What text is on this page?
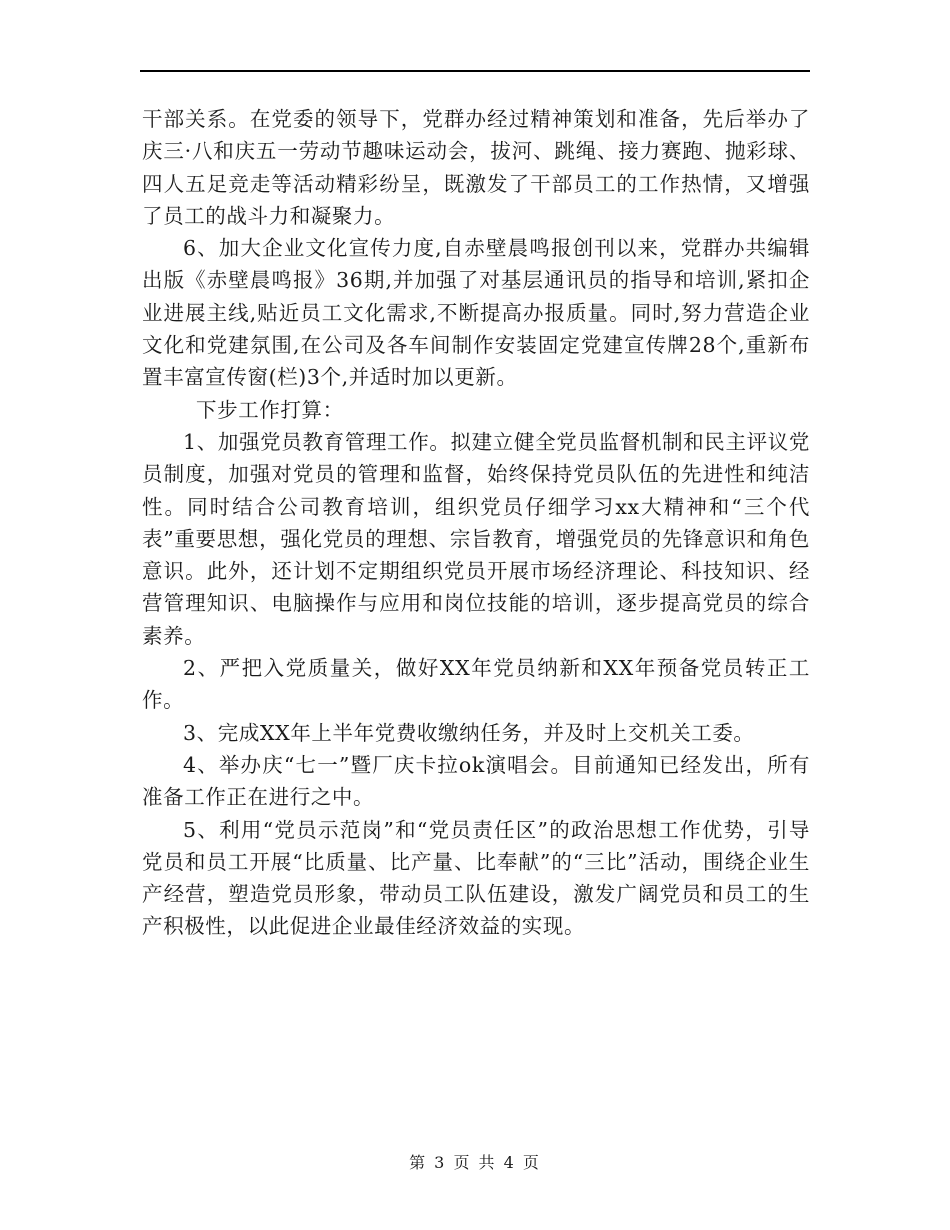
干部关系。在党委的领导下，党群办经过精神策划和准备，先后举办了庆三·八和庆五一劳动节趣味运动会，拔河、跳绳、接力赛跑、抛彩球、四人五足竞走等活动精彩纷呈，既激发了干部员工的工作热情，又增强了员工的战斗力和凝聚力。

6、加大企业文化宣传力度,自赤壁晨鸣报创刊以来，党群办共编辑出版《赤壁晨鸣报》36期,并加强了对基层通讯员的指导和培训,紧扣企业进展主线,贴近员工文化需求,不断提高办报质量。同时,努力营造企业文化和党建氛围,在公司及各车间制作安装固定党建宣传牌28个,重新布置丰富宣传窗(栏)3个,并适时加以更新。

下步工作打算：

1、加强党员教育管理工作。拟建立健全党员监督机制和民主评议党员制度，加强对党员的管理和监督，始终保持党员队伍的先进性和纯洁性。同时结合公司教育培训，组织党员仔细学习xx大精神和“三个代表”重要思想，强化党员的理想、宗旨教育，增强党员的先锋意识和角色意识。此外，还计划不定期组织党员开展市场经济理论、科技知识、经营管理知识、电脑操作与应用和岗位技能的培训，逐步提高党员的综合素养。

2、严把入党质量关，做好XX年党员纳新和XX年预备党员转正工作。

3、完成XX年上半年党费收缴纳任务，并及时上交机关工委。

4、举办庆“七一”暨厂庆卡拉ok演唱会。目前通知已经发出，所有准备工作正在进行之中。

5、利用“党员示范岗”和“党员责任区”的政治思想工作优势，引导党员和员工开展“比质量、比产量、比奉献”的“三比”活动，围绕企业生产经营，塑造党员形象，带动员工队伍建设，激发广阔党员和员工的生产积极性，以此促进企业最佳经济效益的实现。

第 3 页 共 4 页
